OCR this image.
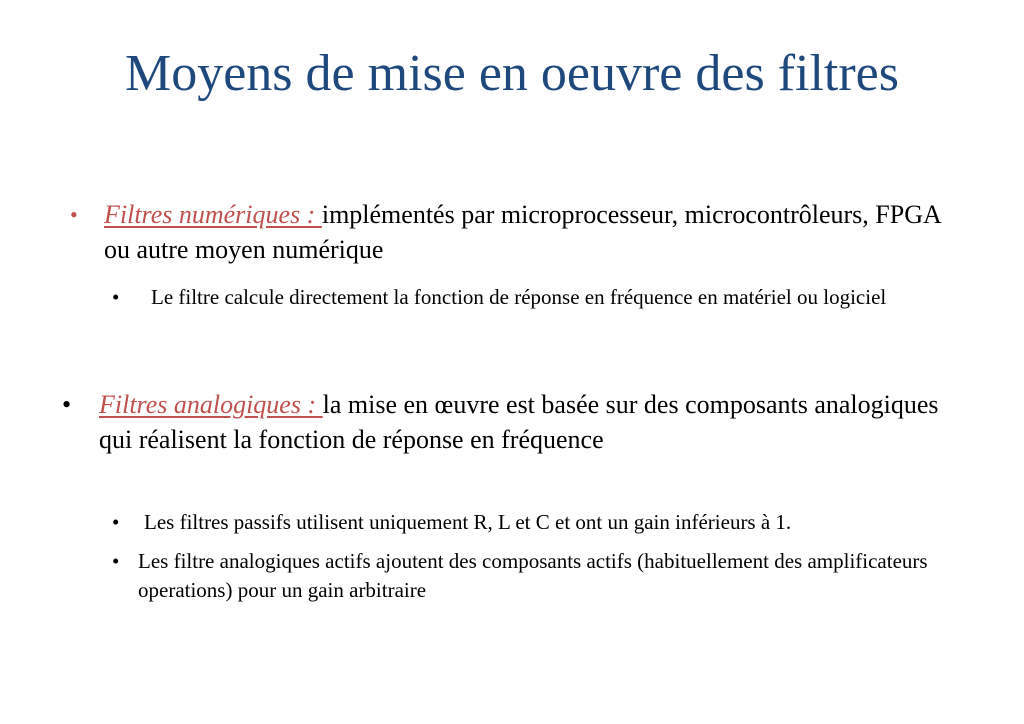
Moyens de mise en oeuvre des filtres
• Filtres numériques : implémentés par microprocesseur, microcontrôleurs, FPGA ou autre moyen numérique
• Le filtre calcule directement la fonction de réponse en fréquence en matériel ou logiciel
• Filtres analogiques : la mise en œuvre est basée sur des composants analogiques qui réalisent la fonction de réponse en fréquence
• Les filtres passifs utilisent uniquement R, L et C et ont un gain inférieurs à 1.
• Les filtre analogiques actifs ajoutent des composants actifs (habituellement des amplificateurs operations) pour un gain arbitraire
